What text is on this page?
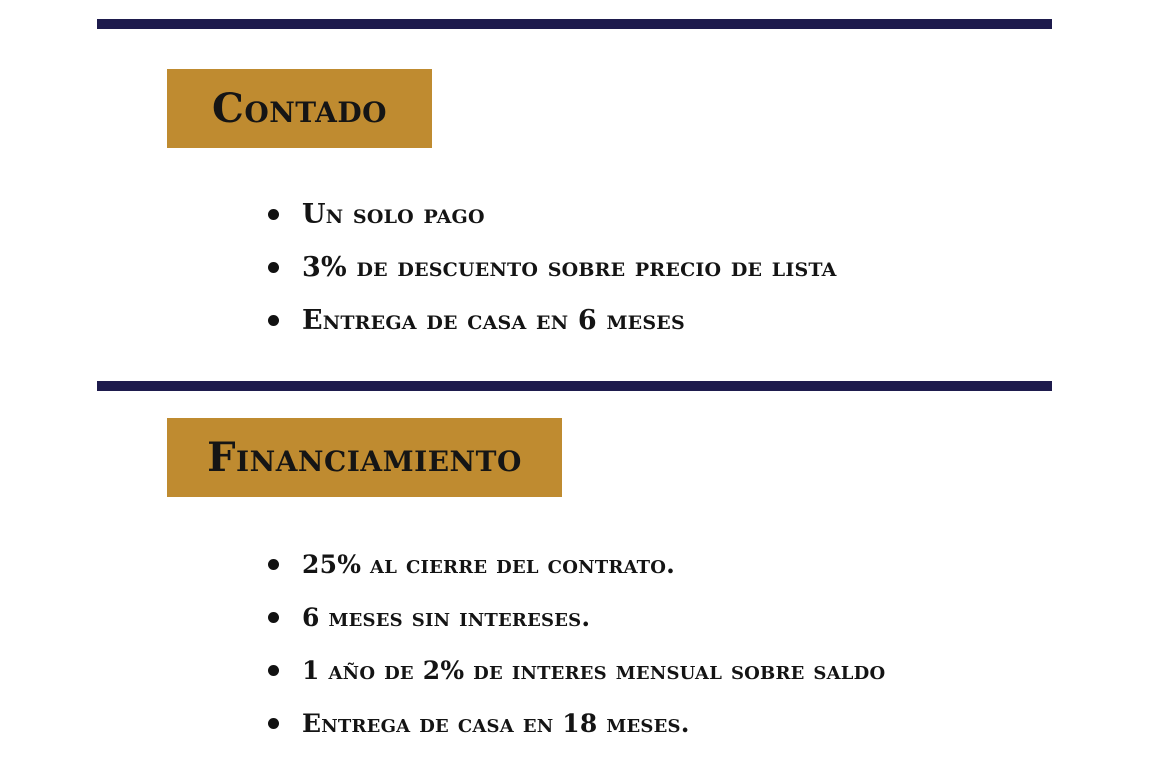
Contado
Un solo pago
3% de descuento sobre precio de lista
Entrega de casa en 6 meses
Financiamiento
25% al cierre del contrato.
6 meses sin intereses.
1 año de 2% de interes mensual sobre saldo
Entrega de casa en 18 meses.
